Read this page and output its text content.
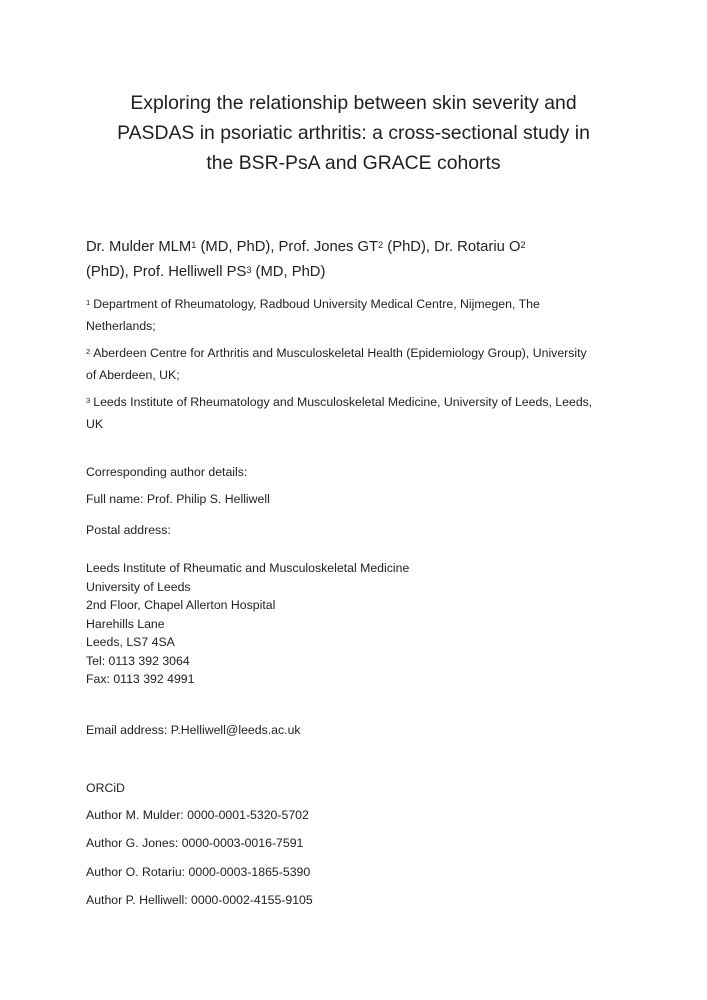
Exploring the relationship between skin severity and
PASDAS in psoriatic arthritis: a cross-sectional study in
the BSR-PsA and GRACE cohorts
Dr. Mulder MLM$^1$ (MD, PhD), Prof. Jones $GT^2$ (PhD), Dr. Rotariu $O^2$
(PhD), Prof. Helliwell $PS^3$ (MD, PhD)

$^1$ Department of Rheumatology, Radboud University Medical Centre, Nijmegen, The
Netherlands;

$^2$ Aberdeen Centre for Arthritis and Musculoskeletal Health (Epidemiology Group), University
of Aberdeen, UK;

$^3$ Leeds Institute of Rheumatology and Musculoskeletal Medicine, University of Leeds, Leeds,
UK

Corresponding author details:

Full name: Prof. Philip S. Helliwell

Postal address:

Leeds Institute of Rheumatic and Musculoskeletal Medicine
University of Leeds
2nd Floor, Chapel Allerton Hospital
Harehills Lane
Leeds, LS7 4SA
Tel: 0113 392 3064
Fax: 0113 392 4991

Email address: P.Helliwell@leeds.ac.uk

ORCiD

Author M. Mulder: 0000-0001-5320-5702

Author G. Jones: 0000-0003-0016-7591

Author O. Rotariu: 0000-0003-1865-5390

Author P. Helliwell: 0000-0002-4155-9105
